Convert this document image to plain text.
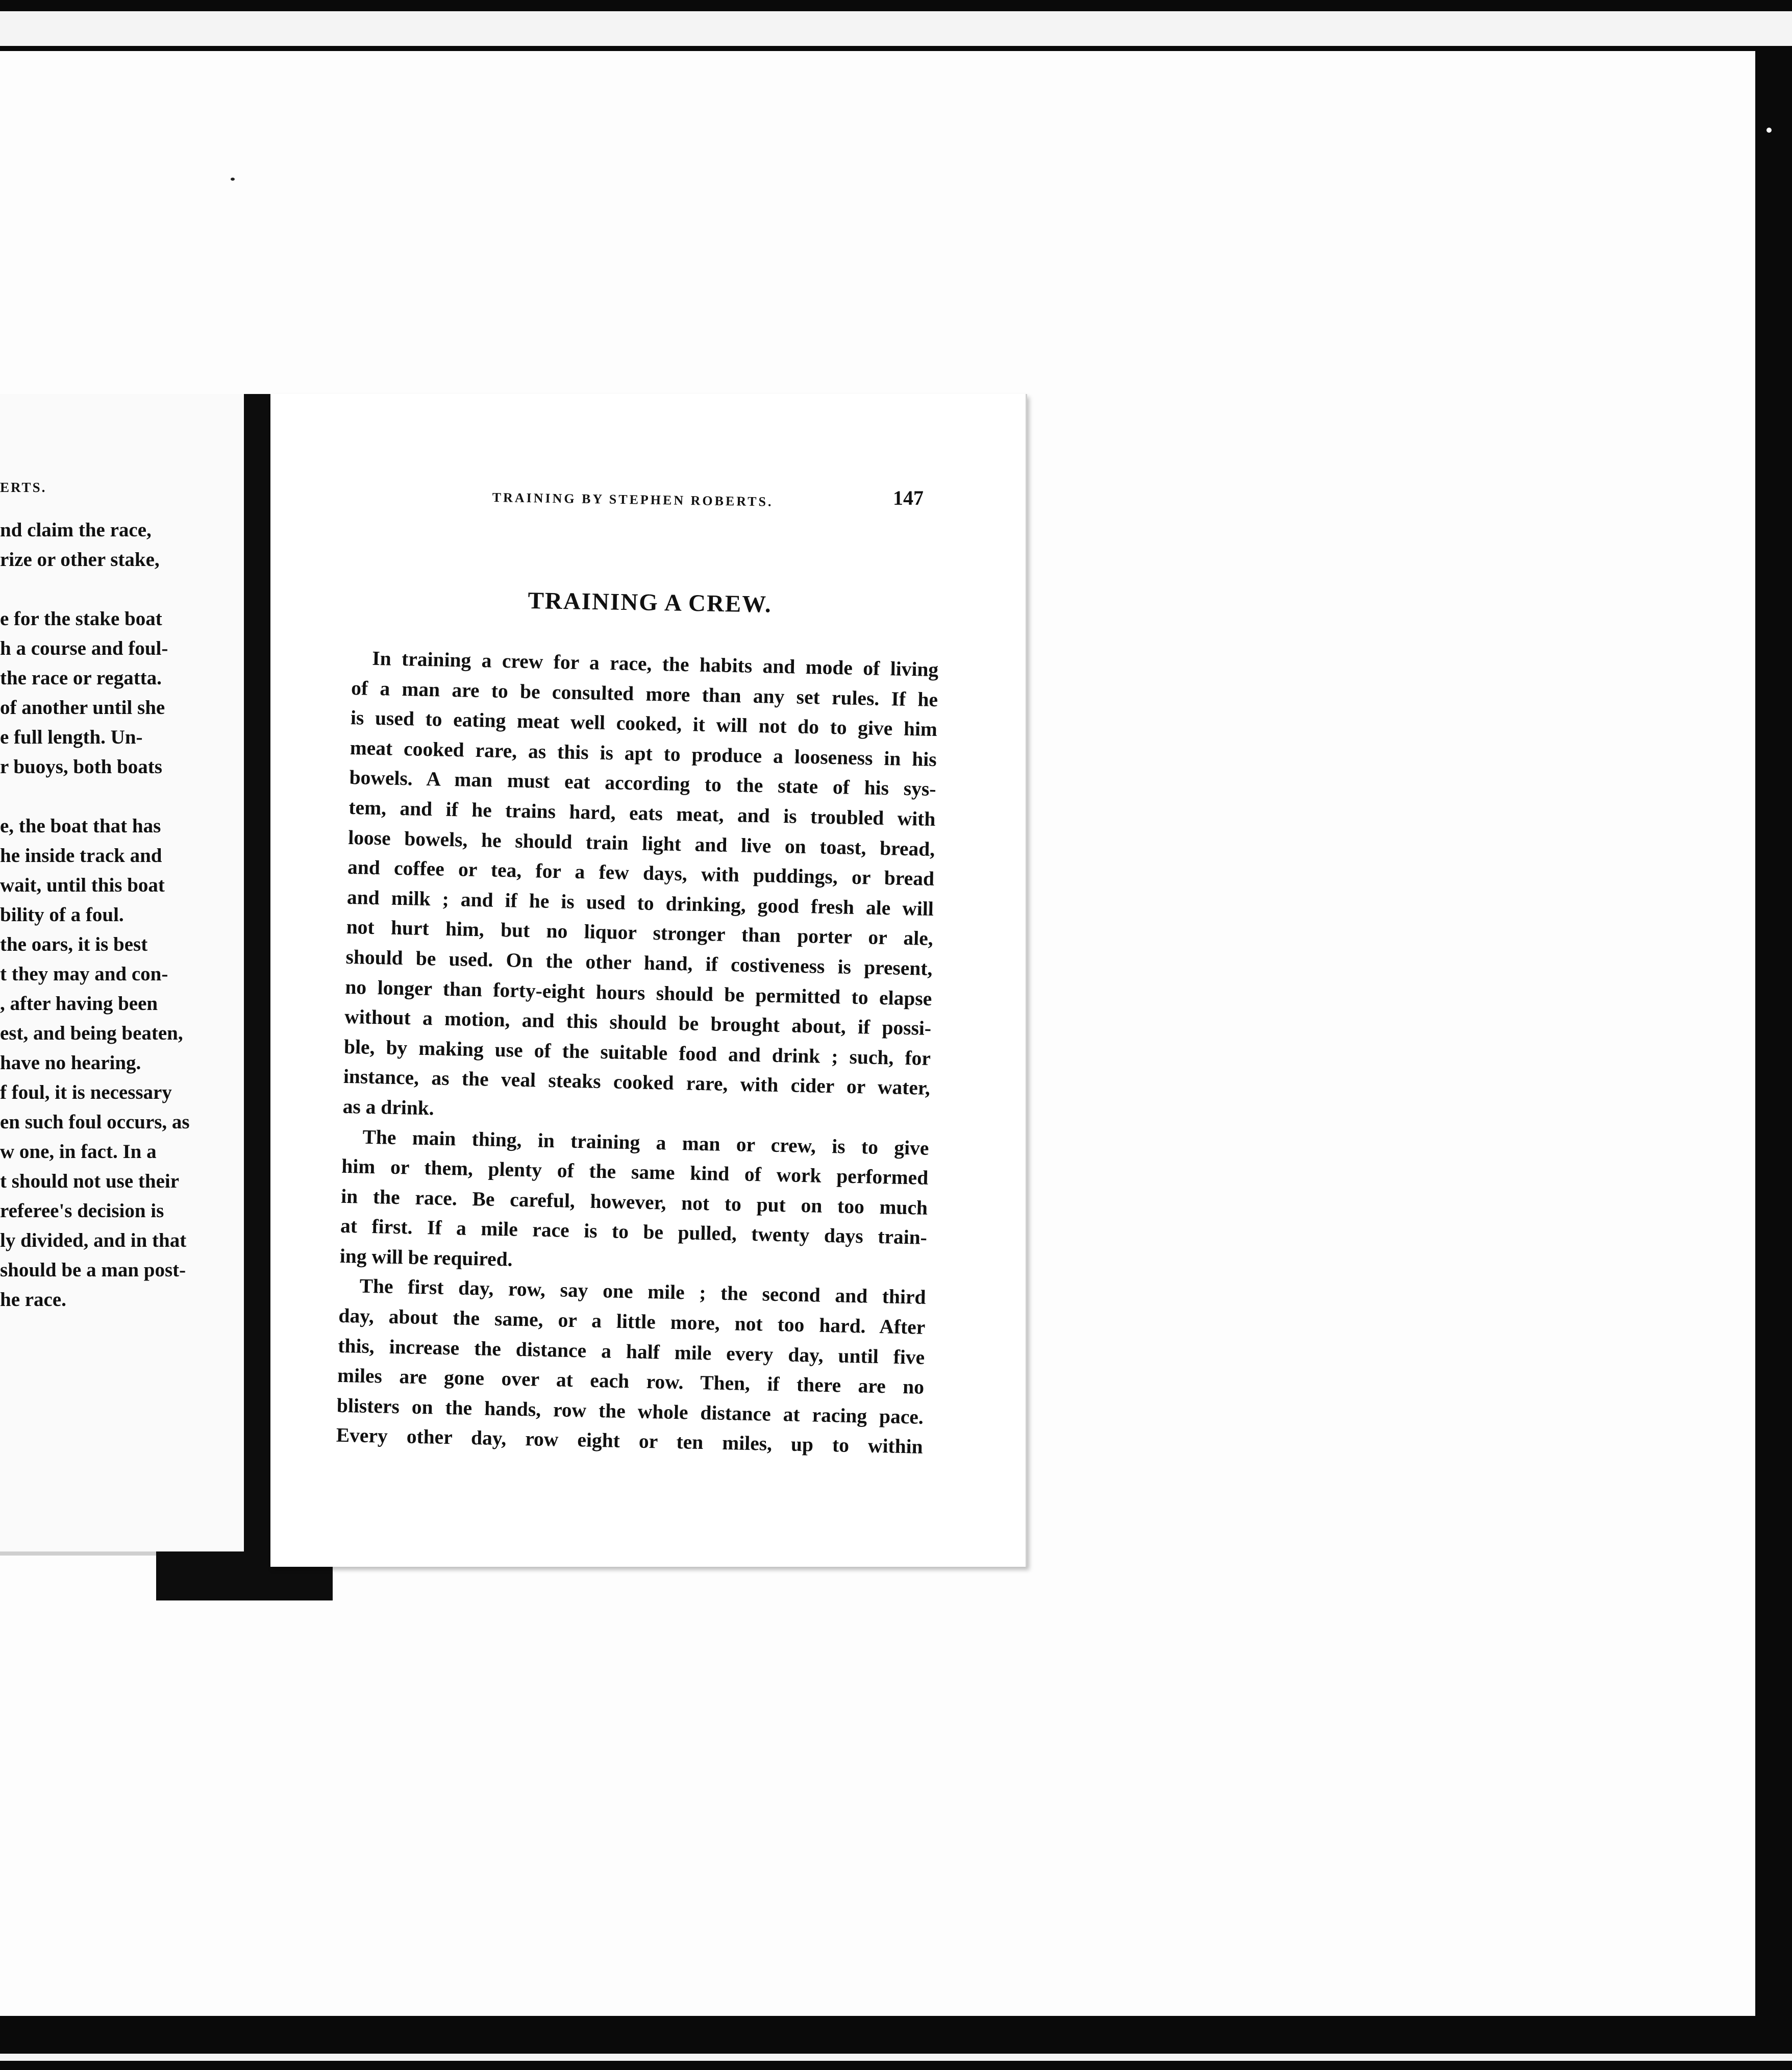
ERTS.
nd claim the race,
rize or other stake,
e for the stake boat
h a course and foul-
the race or regatta.
of another until she
e full length. Un-
r buoys, both boats
e, the boat that has
he inside track and
wait, until this boat
bility of a foul.
the oars, it is best
t they may and con-
, after having been
est, and being beaten,
have no hearing.
f foul, it is necessary
en such foul occurs, as
w one, in fact. In a
t should not use their
referee's decision is
ly divided, and in that
should be a man post-
he race.
TRAINING BY STEPHEN ROBERTS.	147
TRAINING A CREW.
In training a crew for a race, the habits and mode of living
of a man are to be consulted more than any set rules. If he
is used to eating meat well cooked, it will not do to give him
meat cooked rare, as this is apt to produce a looseness in his
bowels. A man must eat according to the state of his sys-
tem, and if he trains hard, eats meat, and is troubled with
loose bowels, he should train light and live on toast, bread,
and coffee or tea, for a few days, with puddings, or bread
and milk ; and if he is used to drinking, good fresh ale will
not hurt him, but no liquor stronger than porter or ale,
should be used. On the other hand, if costiveness is present,
no longer than forty-eight hours should be permitted to elapse
without a motion, and this should be brought about, if possi-
ble, by making use of the suitable food and drink ; such, for
instance, as the veal steaks cooked rare, with cider or water,
as a drink.
The main thing, in training a man or crew, is to give
him or them, plenty of the same kind of work performed
in the race. Be careful, however, not to put on too much
at first. If a mile race is to be pulled, twenty days train-
ing will be required.
The first day, row, say one mile ; the second and third
day, about the same, or a little more, not too hard. After
this, increase the distance a half mile every day, until five
miles are gone over at each row. Then, if there are no
blisters on the hands, row the whole distance at racing pace.
Every other day, row eight or ten miles, up to within
